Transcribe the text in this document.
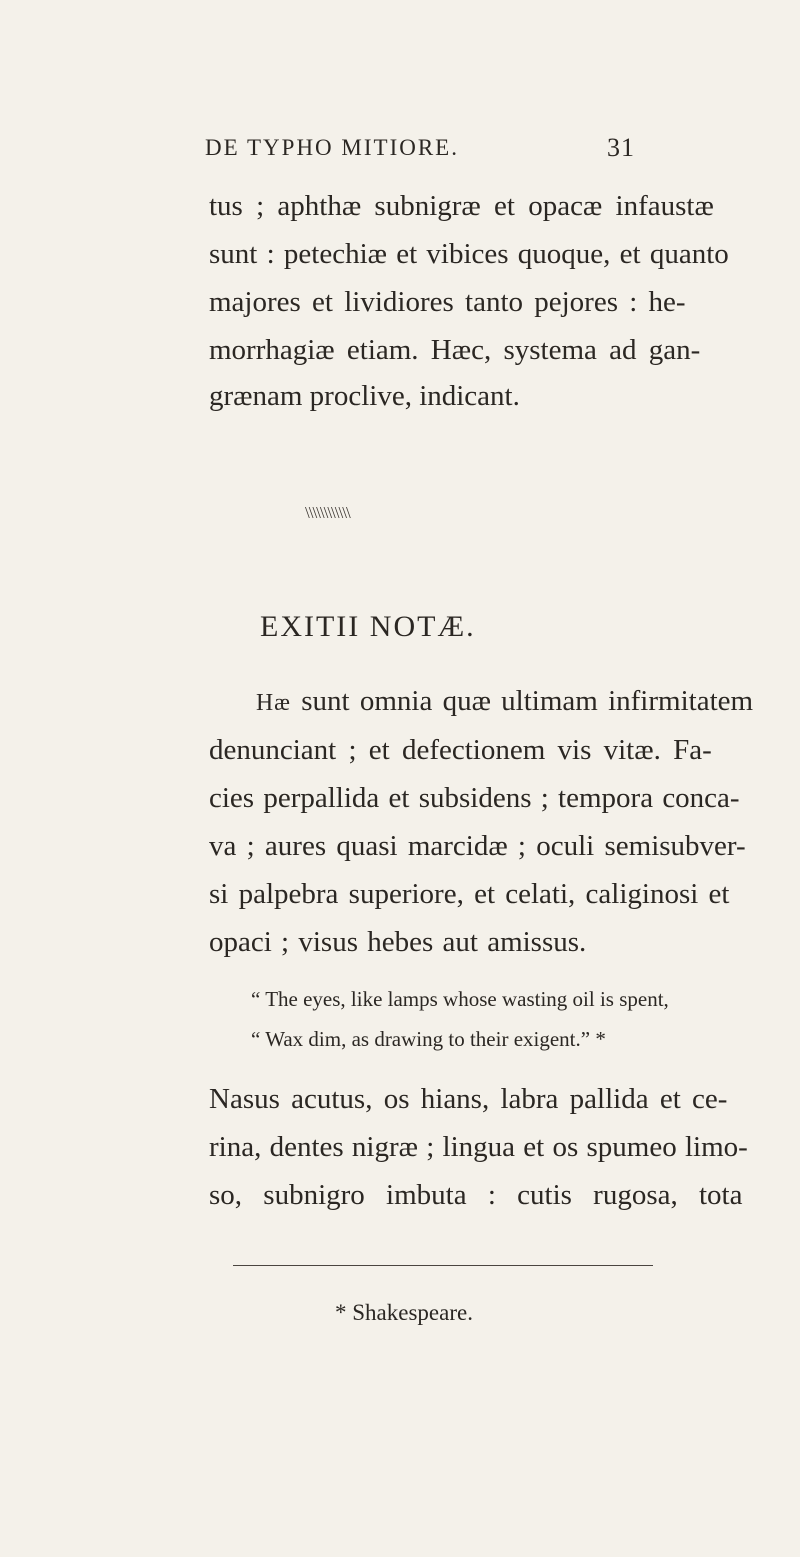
DE TYPHO MITIORE.	31
tus ; aphthæ subnigræ et opacæ infaustæ
sunt : petechiæ et vibices quoque, et quanto
majores et lividiores tanto pejores : he-
morrhagiæ etiam. Hæc, systema ad gan-
grænam proclive, indicant.
\\\\\\\\\\\\
EXITII NOTÆ.
Hæ sunt omnia quæ ultimam infirmitatem
denunciant ; et defectionem vis vitæ. Fa-
cies perpallida et subsidens ; tempora conca-
va ; aures quasi marcidæ ; oculi semisubver-
si palpebra superiore, et celati, caliginosi et
opaci ; visus hebes aut amissus.
“ The eyes, like lamps whose wasting oil is spent,
“ Wax dim, as drawing to their exigent.” *
Nasus acutus, os hians, labra pallida et ce-
rina, dentes nigræ ; lingua et os spumeo limo-
so, subnigro imbuta : cutis rugosa, tota
* Shakespeare.
